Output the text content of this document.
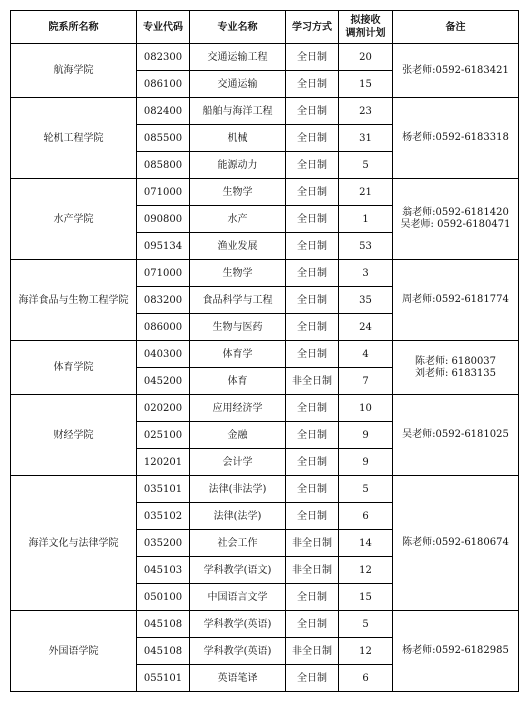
院系所名称	专业代码	专业名称	学习方式	拟接收
调剂计划	备注
航海学院	082300	交通运输工程	全日制	20	张老师:0592-6183421

	086100	交通运输	全日制	15	
轮机工程学院	082400	船舶与海洋工程	全日制	23	杨老师:0592-6183318

	085500	机械	全日制	31	
	085800	能源动力	全日制	5	
水产学院	071000	生物学	全日制	21	翁老师:0592-6181420
吴老师: 0592-6180471

	090800	水产	全日制	1	
	095134	渔业发展	全日制	53	
海洋食品与生物工程学院	071000	生物学	全日制	3	周老师:0592-6181774

	083200	食品科学与工程	全日制	35	
	086000	生物与医药	全日制	24	
体育学院	040300	体育学	全日制	4	陈老师: 6180037
刘老师: 6183135

	045200	体育	非全日制	7	
财经学院	020200	应用经济学	全日制	10	吴老师:0592-6181025

	025100	金融	全日制	9	
	120201	会计学	全日制	9	
海洋文化与法律学院	035101	法律(非法学)	全日制	5	陈老师:0592-6180674

	035102	法律(法学)	全日制	6	
	035200	社会工作	非全日制	14	
	045103	学科教学(语文)	非全日制	12	
	050100	中国语言文学	全日制	15	
外国语学院	045108	学科教学(英语)	全日制	5	杨老师:0592-6182985

	045108	学科教学(英语)	非全日制	12	
	055101	英语笔译	全日制	6	
